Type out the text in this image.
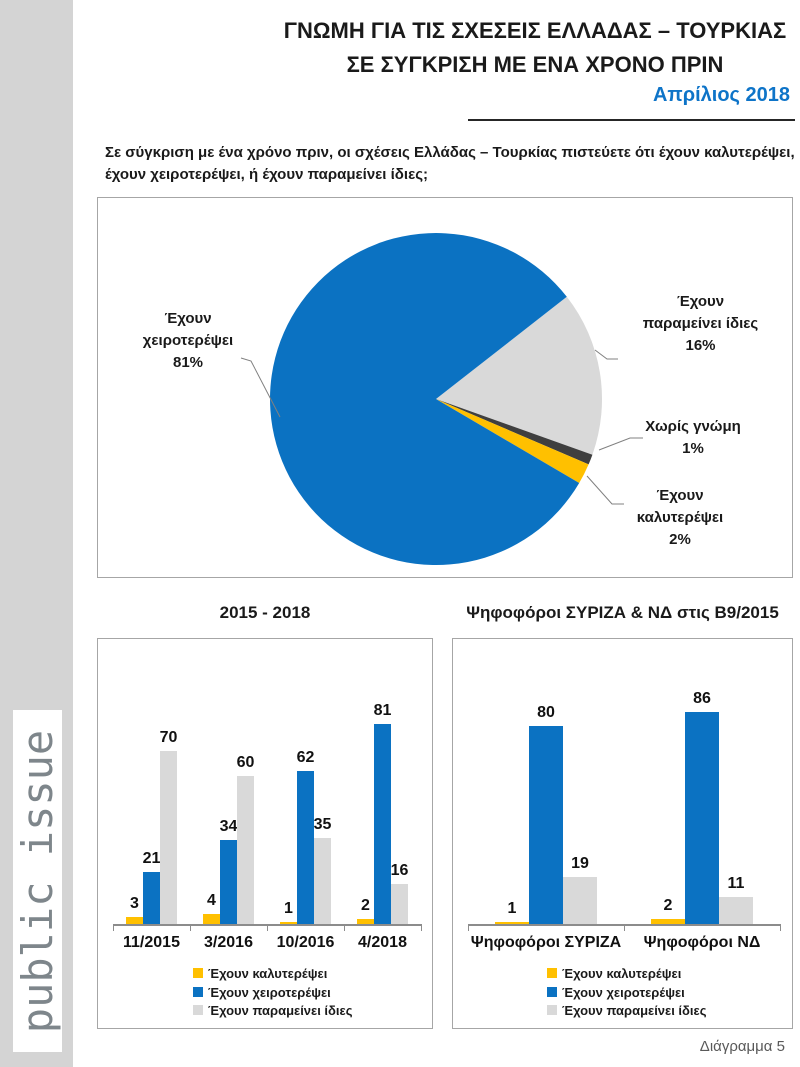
public issue
ΓΝΩΜΗ ΓΙΑ ΤΙΣ ΣΧΕΣΕΙΣ ΕΛΛΑΔΑΣ – ΤΟΥΡΚΙΑΣ
ΣΕ ΣΥΓΚΡΙΣΗ ΜΕ ΕΝΑ ΧΡΟΝΟ ΠΡΙΝ
Απρίλιος 2018
Σε σύγκριση με ένα χρόνο πριν, οι σχέσεις Ελλάδας – Τουρκίας πιστεύετε ότι έχουν καλυτερέψει,
έχουν χειροτερέψει, ή έχουν παραμείνει ίδιες;
Έχουν
χειροτερέψει
81%
Έχουν
παραμείνει ίδιες
16%
Χωρίς γνώμη
1%
Έχουν
καλυτερέψει
2%
2015 - 2018	Ψηφοφόροι ΣΥΡΙΖΑ & ΝΔ στις Β9/2015
11/2015
3
21
70
3/2016
4
34
60
10/2016
1
62
35
4/2018
2
81
16
Έχουν καλυτερέψει
Έχουν χειροτερέψει
Έχουν παραμείνει ίδιες
Ψηφοφόροι ΣΥΡΙΖΑ
1
80
19
Ψηφοφόροι ΝΔ
2
86
11
Έχουν καλυτερέψει
Έχουν χειροτερέψει
Έχουν παραμείνει ίδιες
Διάγραμμα 5
